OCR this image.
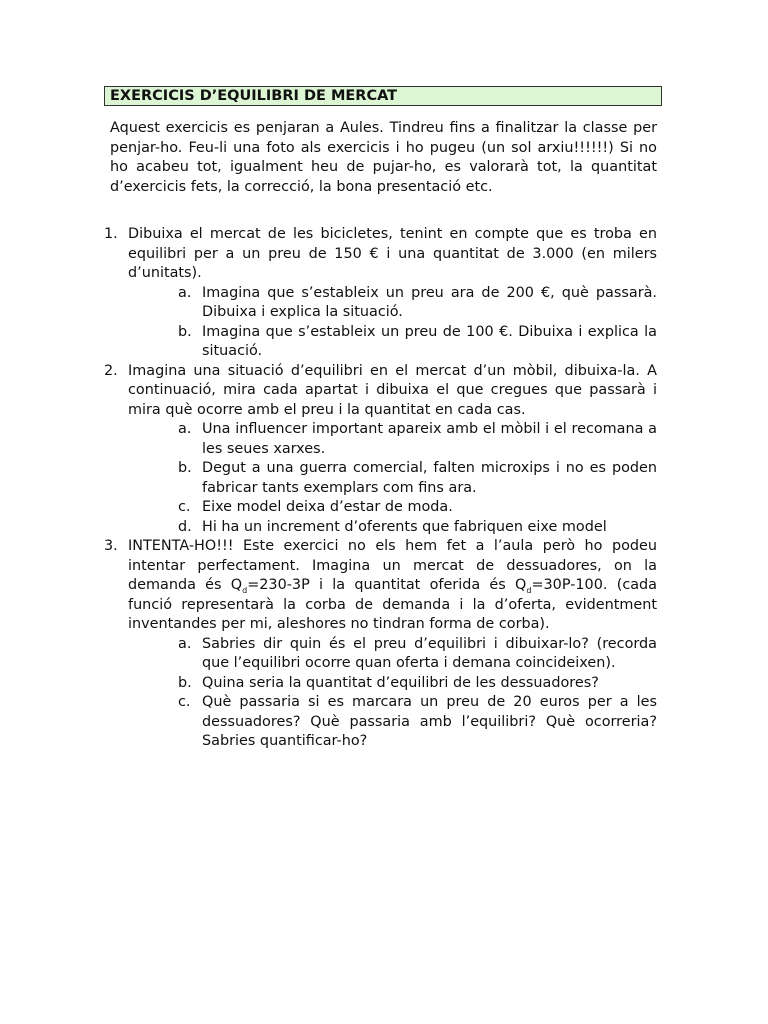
EXERCICIS D’EQUILIBRI DE MERCAT

Aquest exercicis es penjaran a Aules. Tindreu fins a finalitzar la classe per penjar-ho. Feu-li una foto als exercicis i ho pugeu (un sol arxiu!!!!!!) Si no ho acabeu tot, igualment heu de pujar-ho, es valorarà tot, la quantitat d’exercicis fets, la correcció, la bona presentació etc.

1. Dibuixa el mercat de les bicicletes, tenint en compte que es troba en equilibri per a un preu de 150 € i una quantitat de 3.000 (en milers d’unitats).
a. Imagina que s’estableix un preu ara de 200 €, què passarà. Dibuixa i explica la situació.
b. Imagina que s’estableix un preu de 100 €. Dibuixa i explica la situació.
2. Imagina una situació d’equilibri en el mercat d’un mòbil, dibuixa-la. A continuació, mira cada apartat i dibuixa el que cregues que passarà i mira què ocorre amb el preu i la quantitat en cada cas.
a. Una influencer important apareix amb el mòbil i el recomana a les seues xarxes.
b. Degut a una guerra comercial, falten microxips i no es poden fabricar tants exemplars com fins ara.
c. Eixe model deixa d’estar de moda.
d. Hi ha un increment d’oferents que fabriquen eixe model
3. INTENTA-HO!!! Este exercici no els hem fet a l’aula però ho podeu intentar perfectament. Imagina un mercat de dessuadores, on la demanda és $Q_d=230-3P$ i la quantitat oferida és $Q_d=30P-100$. (cada funció representarà la corba de demanda i la d’oferta, evidentment inventandes per mi, aleshores no tindran forma de corba).
a. Sabries dir quin és el preu d’equilibri i dibuixar-lo? (recorda que l’equilibri ocorre quan oferta i demana coincideixen).
b. Quina seria la quantitat d’equilibri de les dessuadores?
c. Què passaria si es marcara un preu de 20 euros per a les dessuadores? Què passaria amb l’equilibri? Què ocorreria? Sabries quantificar-ho?
